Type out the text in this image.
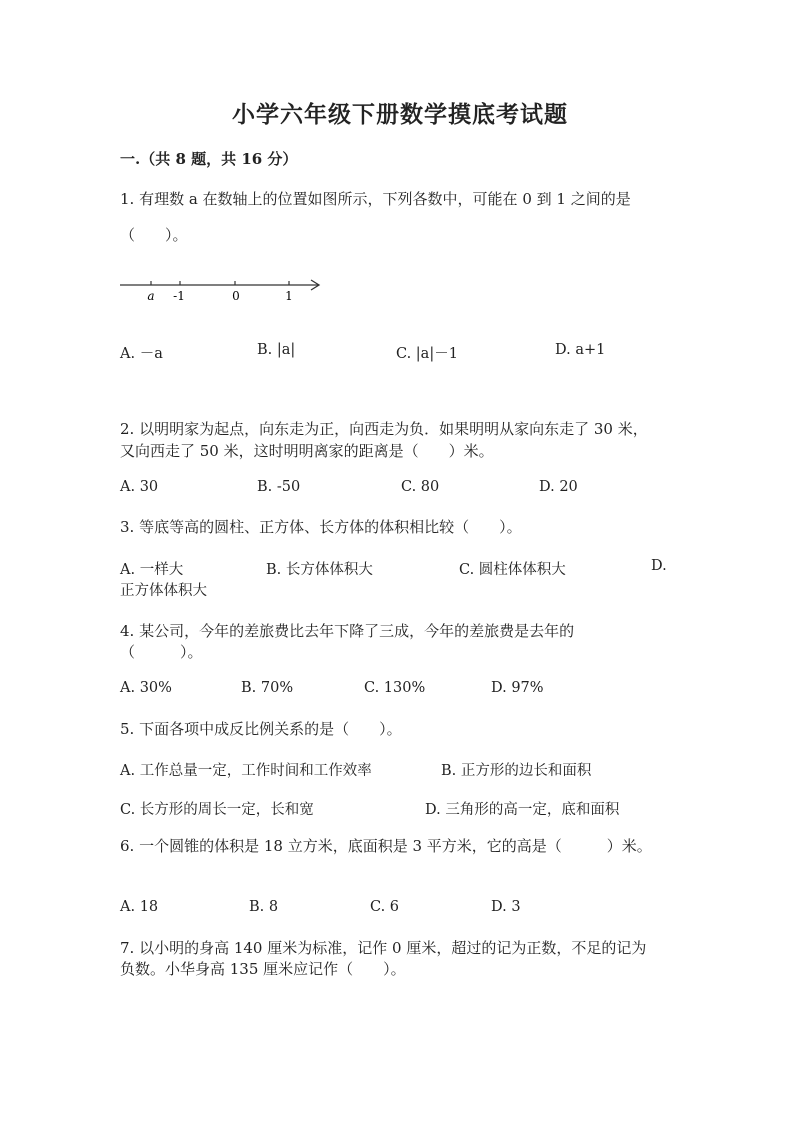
小学六年级下册数学摸底考试题
一.（共 8 题，共 16 分）
1. 有理数 a 在数轴上的位置如图所示，下列各数中，可能在 0 到 1 之间的是
（　　）。
a -1	0	1
A. －a	B. |a|	C. |a|－1	D. a+1
2. 以明明家为起点，向东走为正，向西走为负．如果明明从家向东走了 30 米，
又向西走了 50 米，这时明明离家的距离是（　　）米。
A. 30	B. -50	C. 80	D. 20
3. 等底等高的圆柱、正方体、长方体的体积相比较（　　）。
A. 一样大	B. 长方体体积大	C. 圆柱体体积大	D.
正方体体积大
4. 某公司，今年的差旅费比去年下降了三成，今年的差旅费是去年的
（　　　）。
A. 30%	B. 70%	C. 130%	D. 97%
5. 下面各项中成反比例关系的是（　　）。
A. 工作总量一定，工作时间和工作效率	B. 正方形的边长和面积
C. 长方形的周长一定，长和宽	D. 三角形的高一定，底和面积
6. 一个圆锥的体积是 18 立方米，底面积是 3 平方米，它的高是（　　　）米。
A. 18	B. 8	C. 6	D. 3
7. 以小明的身高 140 厘米为标准，记作 0 厘米，超过的记为正数，不足的记为
负数。小华身高 135 厘米应记作（　　）。
